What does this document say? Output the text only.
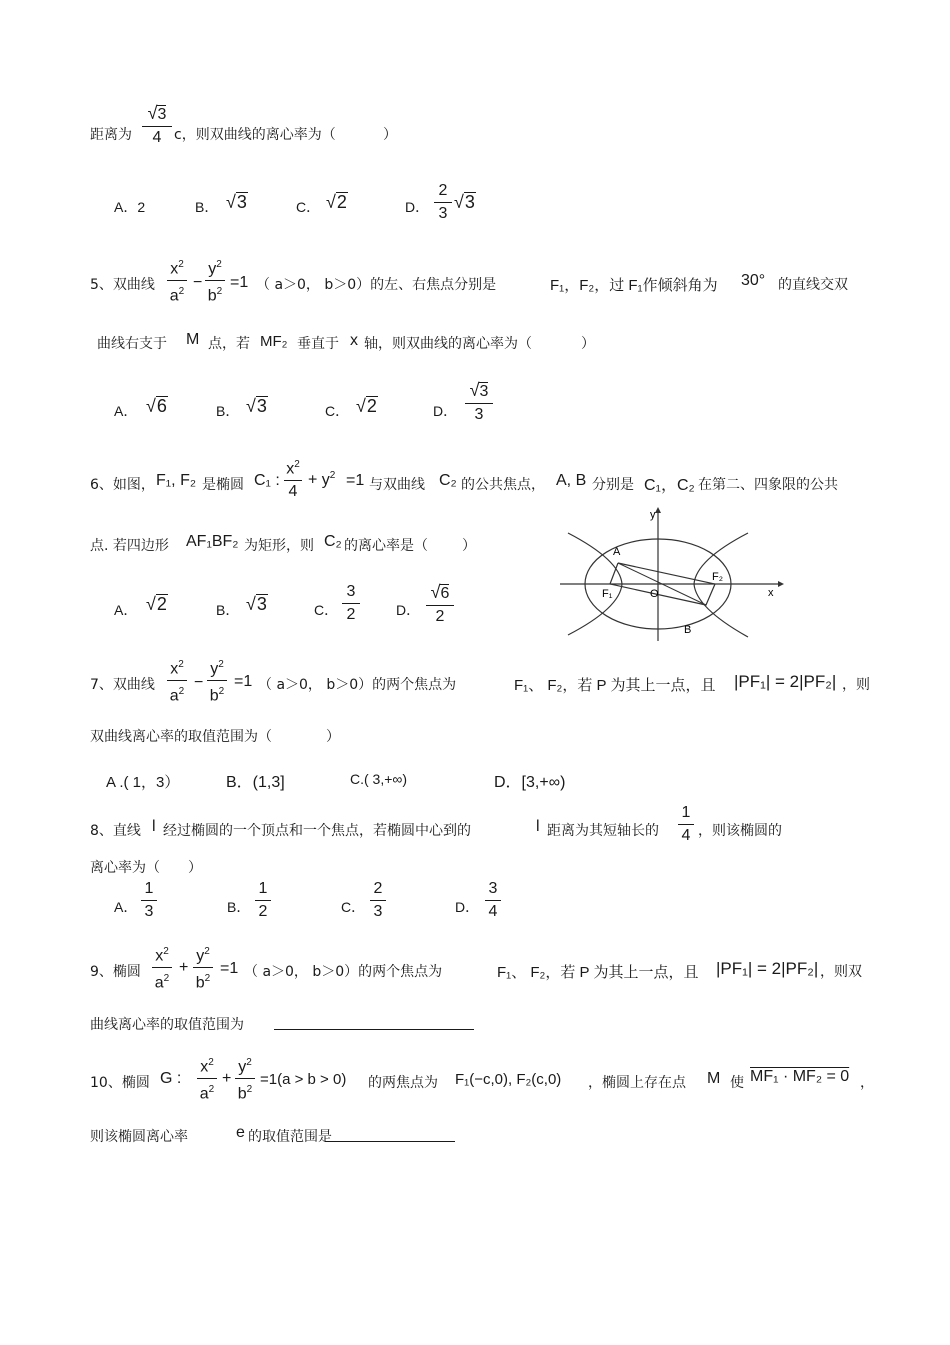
距离为
√3
4 c，则双曲线的离心率为（	）
A．2	B． √3	C． √2	D．
2
3
√3
5、双曲线
$x^2$
$a^2$
−
$y^2$
$b^2$
=1 （ a＞0， b＞0）的左、右焦点分别是	F₁，F₂，过 F₁作倾斜角为 30° 的直线交双
曲线右支于 M 点，若 MF₂ 垂直于 x 轴，则双曲线的离心率为（	）
A． √6	B． √3	C． √2	D．
√3
3
6、如图， F₁, F₂ 是椭圆 C₁ :
$x^2$
4
+ $y^2 =1$ 与双曲线 C₂ 的公共焦点， A, B 分别是 C₁，C₂ 在第二、四象限的公共
点. 若四边形 AF₁BF₂ 为矩形，则 C₂ 的离心率是（ ）
A． √2	B． √3	C．
3
2	D．
√6
2
y
x
A
F₂
F₁	O
B
7、双曲线
$x^2$
$a^2$
−
$y^2$
$b^2$
=1 （ a＞0， b＞0）的两个焦点为	F₁、 F₂，若 P 为其上一点，且 |PF₁| = 2|PF₂| ，则
双曲线离心率的取值范围为（	）
A .( 1，3）	B．(1,3]	C.( 3,+∞)	D．[3,+∞)
8、直线 l 经过椭圆的一个顶点和一个焦点，若椭圆中心到的	l 距离为其短轴长的
1
4 ，则该椭圆的
离心率为（ ）
A．
1
3	B．
1
2	C．
2
3	D．
3
4
9、椭圆
$x^2$
$a^2$
+
$y^2$
$b^2$
=1 （ a＞0， b＞0）的两个焦点为	F₁、 F₂，若 P 为其上一点，且 |PF₁| = 2|PF₂| ，则双
曲线离心率的取值范围为
10、椭圆 G :
$x^2$
$a^2$
+
$y^2$
$b^2$
=1(a > b > 0) 的两焦点为 F₁(−c,0), F₂(c,0) ，椭圆上存在点 M 使 MF₁ · MF₂ = 0 ，
则该椭圆离心率	e 的取值范围是
